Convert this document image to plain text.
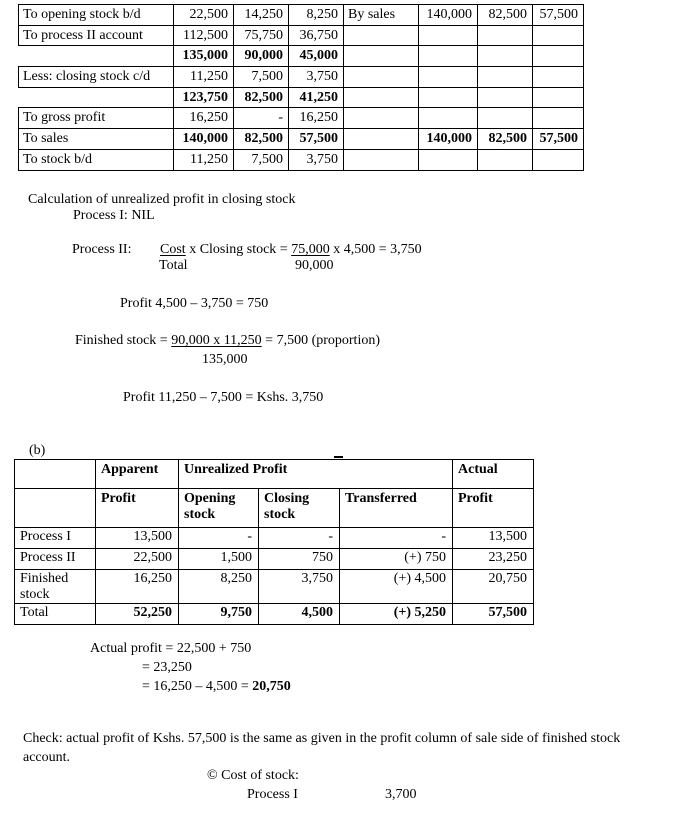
To opening stock b/d	22,500	14,250	8,250	By sales	140,000	82,500	57,500
To process II account	112,500	75,750	36,750				
	135,000	90,000	45,000				
Less: closing stock c/d	11,250	7,500	3,750				
	123,750	82,500	41,250				
To gross profit	16,250	-	16,250				
To sales	140,000	82,500	57,500		140,000	82,500	57,500
To stock b/d	11,250	7,500	3,750				
Calculation of unrealized profit in closing stock
Process I: NIL
Process II: Cost x Closing stock = 75,000 x 4,500 = 3,750
Total	90,000
Profit 4,500 – 3,750 = 750
Finished stock = 90,000 x 11,250 = 7,500 (proportion)
135,000
Profit 11,250 – 7,500 = Kshs. 3,750
(b)
	Apparent	Unrealized Profit			Actual
	Profit	Opening stock	Closing stock	Transferred	Profit
Process I	13,500	-	-	-	13,500
Process II	22,500	1,500	750	(+) 750	23,250
Finished stock	16,250	8,250	3,750	(+) 4,500	20,750
Total	52,250	9,750	4,500	(+) 5,250	57,500
Actual profit = 22,500 + 750
= 23,250
= 16,250 – 4,500 = 20,750
Check: actual profit of Kshs. 57,500 is the same as given in the profit column of sale side of finished stock
account.
© Cost of stock:
Process I	3,700
